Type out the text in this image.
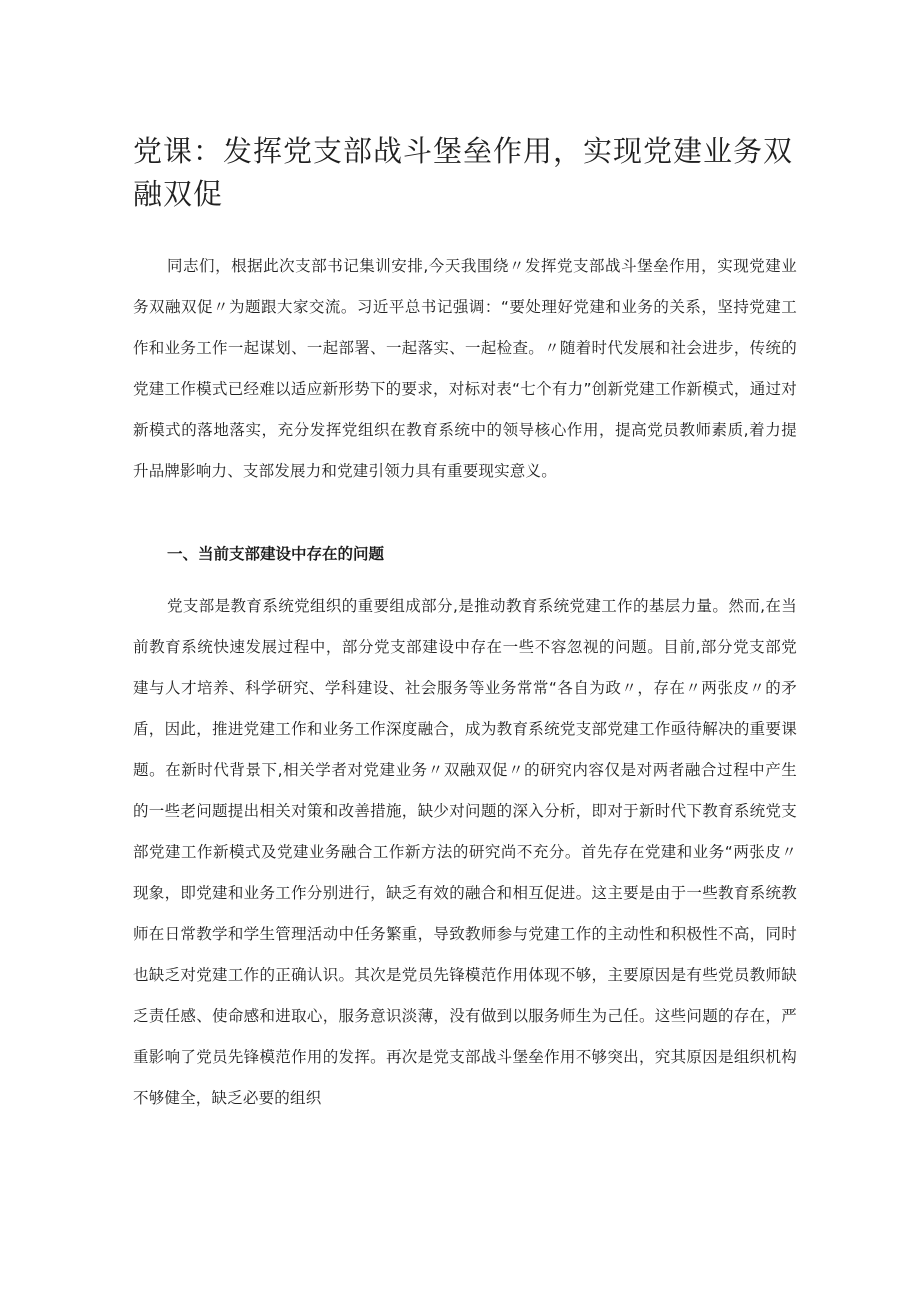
党课：发挥党支部战斗堡垒作用，实现党建业务双融双促

同志们，根据此次支部书记集训安排,今天我围绕〃发挥党支部战斗堡垒作用，实现党建业务双融双促〃为题跟大家交流。习近平总书记强调：“要处理好党建和业务的关系，坚持党建工作和业务工作一起谋划、一起部署、一起落实、一起检查。〃随着时代发展和社会进步，传统的党建工作模式已经难以适应新形势下的要求，对标对表“七个有力”创新党建工作新模式，通过对新模式的落地落实，充分发挥党组织在教育系统中的领导核心作用，提高党员教师素质,着力提升品牌影响力、支部发展力和党建引领力具有重要现实意义。

一、当前支部建设中存在的问题

党支部是教育系统党组织的重要组成部分,是推动教育系统党建工作的基层力量。然而,在当前教育系统快速发展过程中，部分党支部建设中存在一些不容忽视的问题。目前,部分党支部党建与人才培养、科学研究、学科建设、社会服务等业务常常“各自为政〃，存在〃两张皮〃的矛盾，因此，推进党建工作和业务工作深度融合，成为教育系统党支部党建工作亟待解决的重要课题。在新时代背景下,相关学者对党建业务〃双融双促〃的研究内容仅是对两者融合过程中产生的一些老问题提出相关对策和改善措施，缺少对问题的深入分析，即对于新时代下教育系统党支部党建工作新模式及党建业务融合工作新方法的研究尚不充分。首先存在党建和业务“两张皮〃现象，即党建和业务工作分别进行，缺乏有效的融合和相互促进。这主要是由于一些教育系统教师在日常教学和学生管理活动中任务繁重，导致教师参与党建工作的主动性和积极性不高，同时也缺乏对党建工作的正确认识。其次是党员先锋模范作用体现不够，主要原因是有些党员教师缺乏责任感、使命感和进取心，服务意识淡薄，没有做到以服务师生为己任。这些问题的存在，严重影响了党员先锋模范作用的发挥。再次是党支部战斗堡垒作用不够突出，究其原因是组织机构不够健全，缺乏必要的组织
